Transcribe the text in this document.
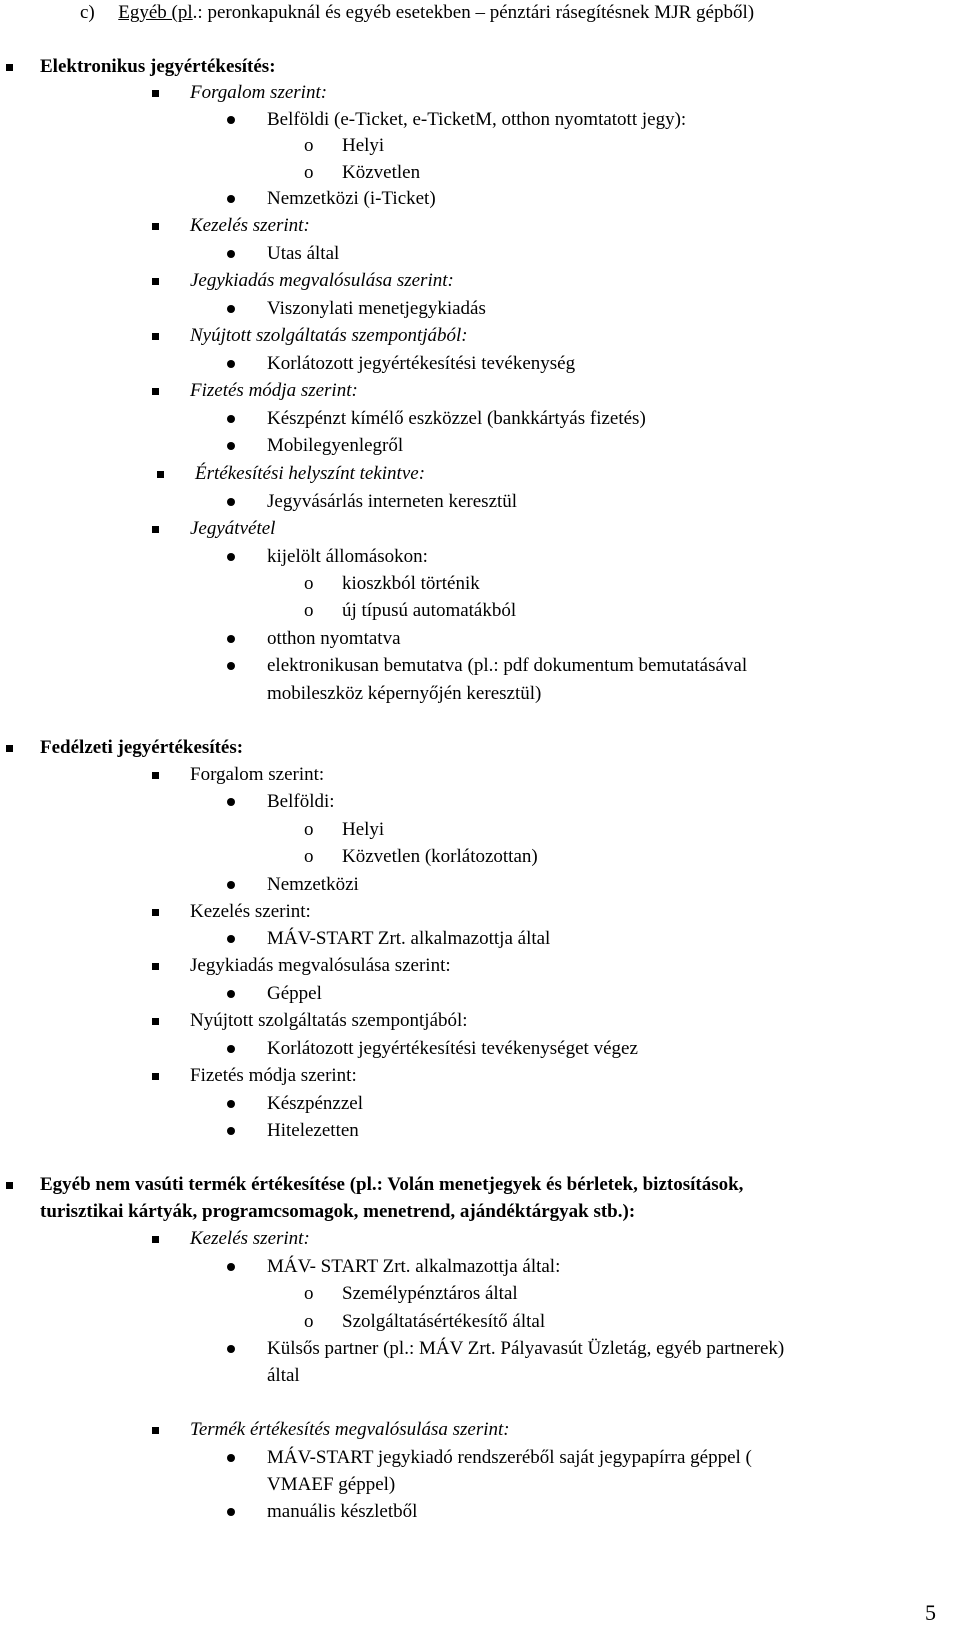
c) Egyéb (pl.: peronkapuknál és egyéb esetekben – pénztári rásegítésnek MJR gépből)
5
Elektronikus jegyértékesítés:
Forgalom szerint:
Belföldi (e-Ticket, e-TicketM, otthon nyomtatott jegy):
o Helyi
o Közvetlen
Nemzetközi (i-Ticket)
Kezelés szerint:
Utas által
Jegykiadás megvalósulása szerint:
Viszonylati menetjegykiadás
Nyújtott szolgáltatás szempontjából:
Korlátozott jegyértékesítési tevékenység
Fizetés módja szerint:
Készpénzt kímélő eszközzel (bankkártyás fizetés)
Mobilegyenlegről
Értékesítési helyszínt tekintve:
Jegyvásárlás interneten keresztül
Jegyátvétel
kijelölt állomásokon:
o kioszkból történik
o új típusú automatákból
otthon nyomtatva
elektronikusan bemutatva (pl.: pdf dokumentum bemutatásával
mobileszköz képernyőjén keresztül)
Fedélzeti jegyértékesítés:
Forgalom szerint:
Belföldi:
o Helyi
o Közvetlen (korlátozottan)
Nemzetközi
Kezelés szerint:
MÁV-START Zrt. alkalmazottja által
Jegykiadás megvalósulása szerint:
Géppel
Nyújtott szolgáltatás szempontjából:
Korlátozott jegyértékesítési tevékenységet végez
Fizetés módja szerint:
Készpénzzel
Hitelezetten
Egyéb nem vasúti termék értékesítése (pl.: Volán menetjegyek és bérletek, biztosítások,
turisztikai kártyák, programcsomagok, menetrend, ajándéktárgyak stb.):
Kezelés szerint:
MÁV- START Zrt. alkalmazottja által:
o Személypénztáros által
o Szolgáltatásértékesítő által
Külsős partner (pl.: MÁV Zrt. Pályavasút Üzletág, egyéb partnerek)
által
Termék értékesítés megvalósulása szerint:
MÁV-START jegykiadó rendszeréből saját jegypapírra géppel (
VMAEF géppel)
manuális készletből
